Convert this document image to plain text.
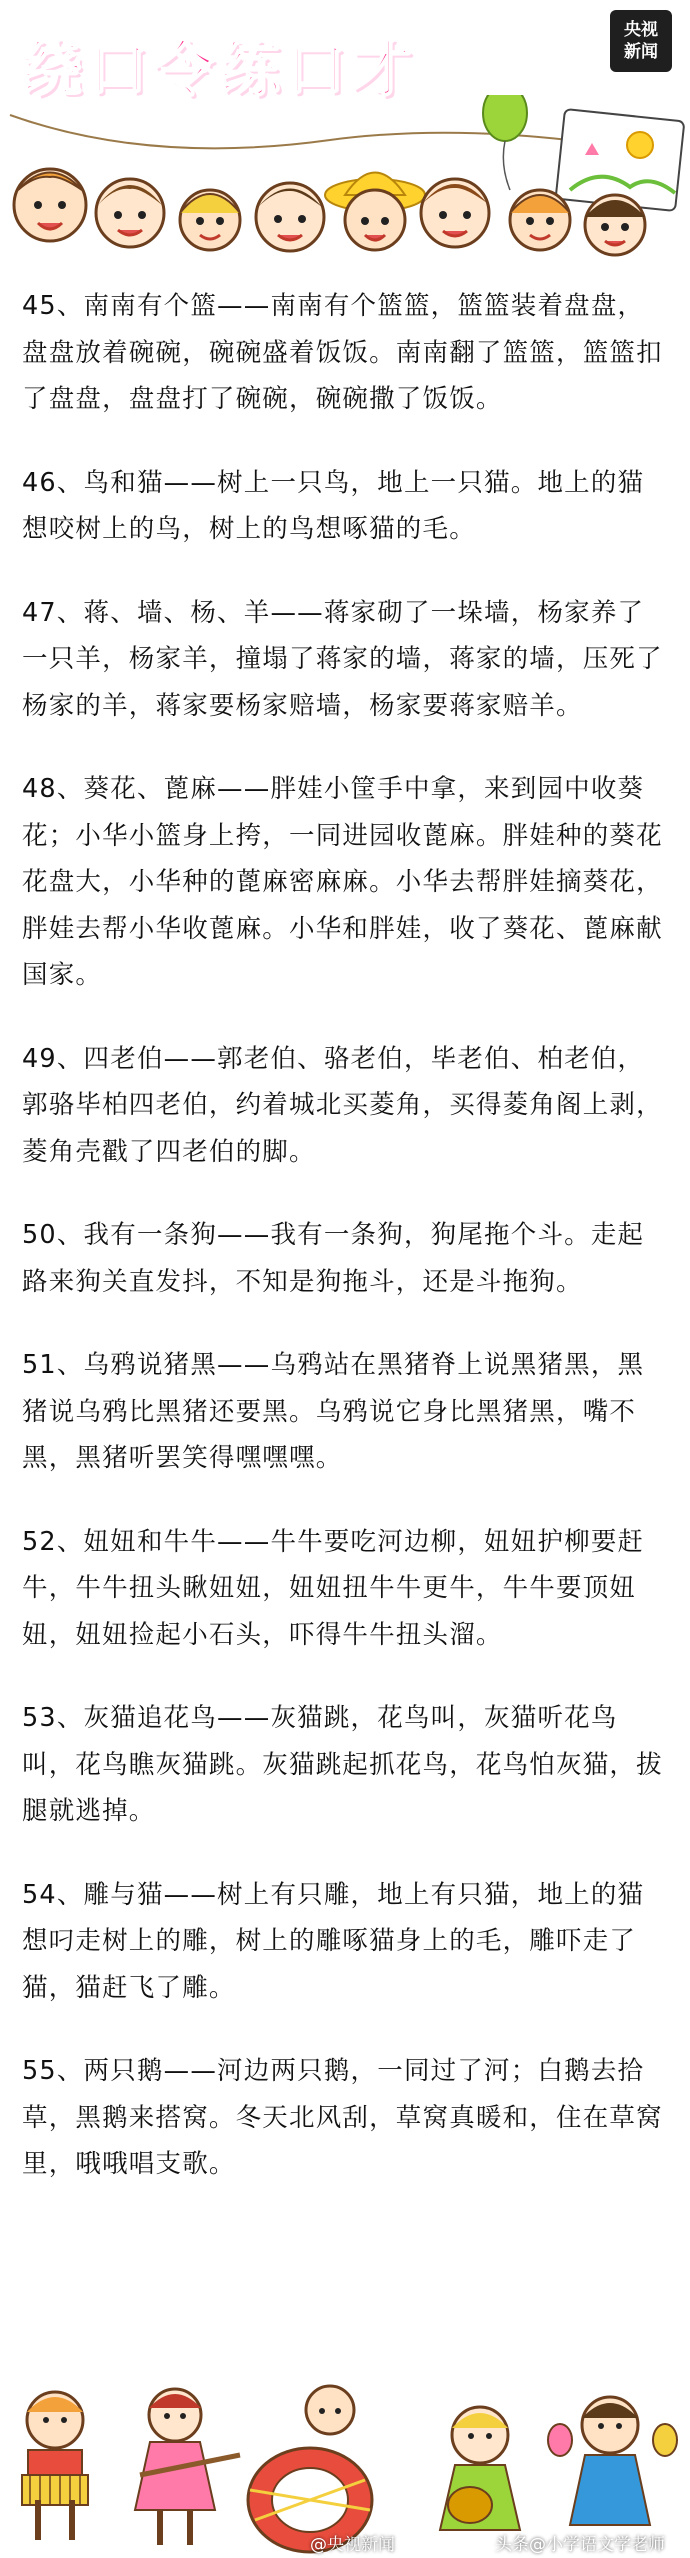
绕口令练口才
央视
新闻

45、南南有个篮——南南有个篮篮，篮篮装着盘盘，盘盘放着碗碗，碗碗盛着饭饭。南南翻了篮篮，篮篮扣了盘盘，盘盘打了碗碗，碗碗撒了饭饭。

46、鸟和猫——树上一只鸟，地上一只猫。地上的猫想咬树上的鸟，树上的鸟想啄猫的毛。

47、蒋、墙、杨、羊——蒋家砌了一垛墙，杨家养了一只羊，杨家羊，撞塌了蒋家的墙，蒋家的墙，压死了杨家的羊，蒋家要杨家赔墙，杨家要蒋家赔羊。

48、葵花、蓖麻——胖娃小筐手中拿，来到园中收葵花；小华小篮身上挎，一同进园收蓖麻。胖娃种的葵花花盘大，小华种的蓖麻密麻麻。小华去帮胖娃摘葵花，胖娃去帮小华收蓖麻。小华和胖娃，收了葵花、蓖麻献国家。

49、四老伯——郭老伯、骆老伯，毕老伯、柏老伯，郭骆毕柏四老伯，约着城北买菱角，买得菱角阁上剥，菱角壳戳了四老伯的脚。

50、我有一条狗——我有一条狗，狗尾拖个斗。走起路来狗关直发抖，不知是狗拖斗，还是斗拖狗。

51、乌鸦说猪黑——乌鸦站在黑猪脊上说黑猪黑，黑猪说乌鸦比黑猪还要黑。乌鸦说它身比黑猪黑，嘴不黑，黑猪听罢笑得嘿嘿嘿。

52、妞妞和牛牛——牛牛要吃河边柳，妞妞护柳要赶牛，牛牛扭头瞅妞妞，妞妞扭牛牛更牛，牛牛要顶妞妞，妞妞捡起小石头，吓得牛牛扭头溜。

53、灰猫追花鸟——灰猫跳，花鸟叫，灰猫听花鸟叫，花鸟瞧灰猫跳。灰猫跳起抓花鸟，花鸟怕灰猫，拔腿就逃掉。

54、雕与猫——树上有只雕，地上有只猫，地上的猫想叼走树上的雕，树上的雕啄猫身上的毛，雕吓走了猫，猫赶飞了雕。

55、两只鹅——河边两只鹅，一同过了河；白鹅去拾草，黑鹅来搭窝。冬天北风刮，草窝真暖和，住在草窝里，哦哦唱支歌。

@央视新闻	头条@小学语文学老师
